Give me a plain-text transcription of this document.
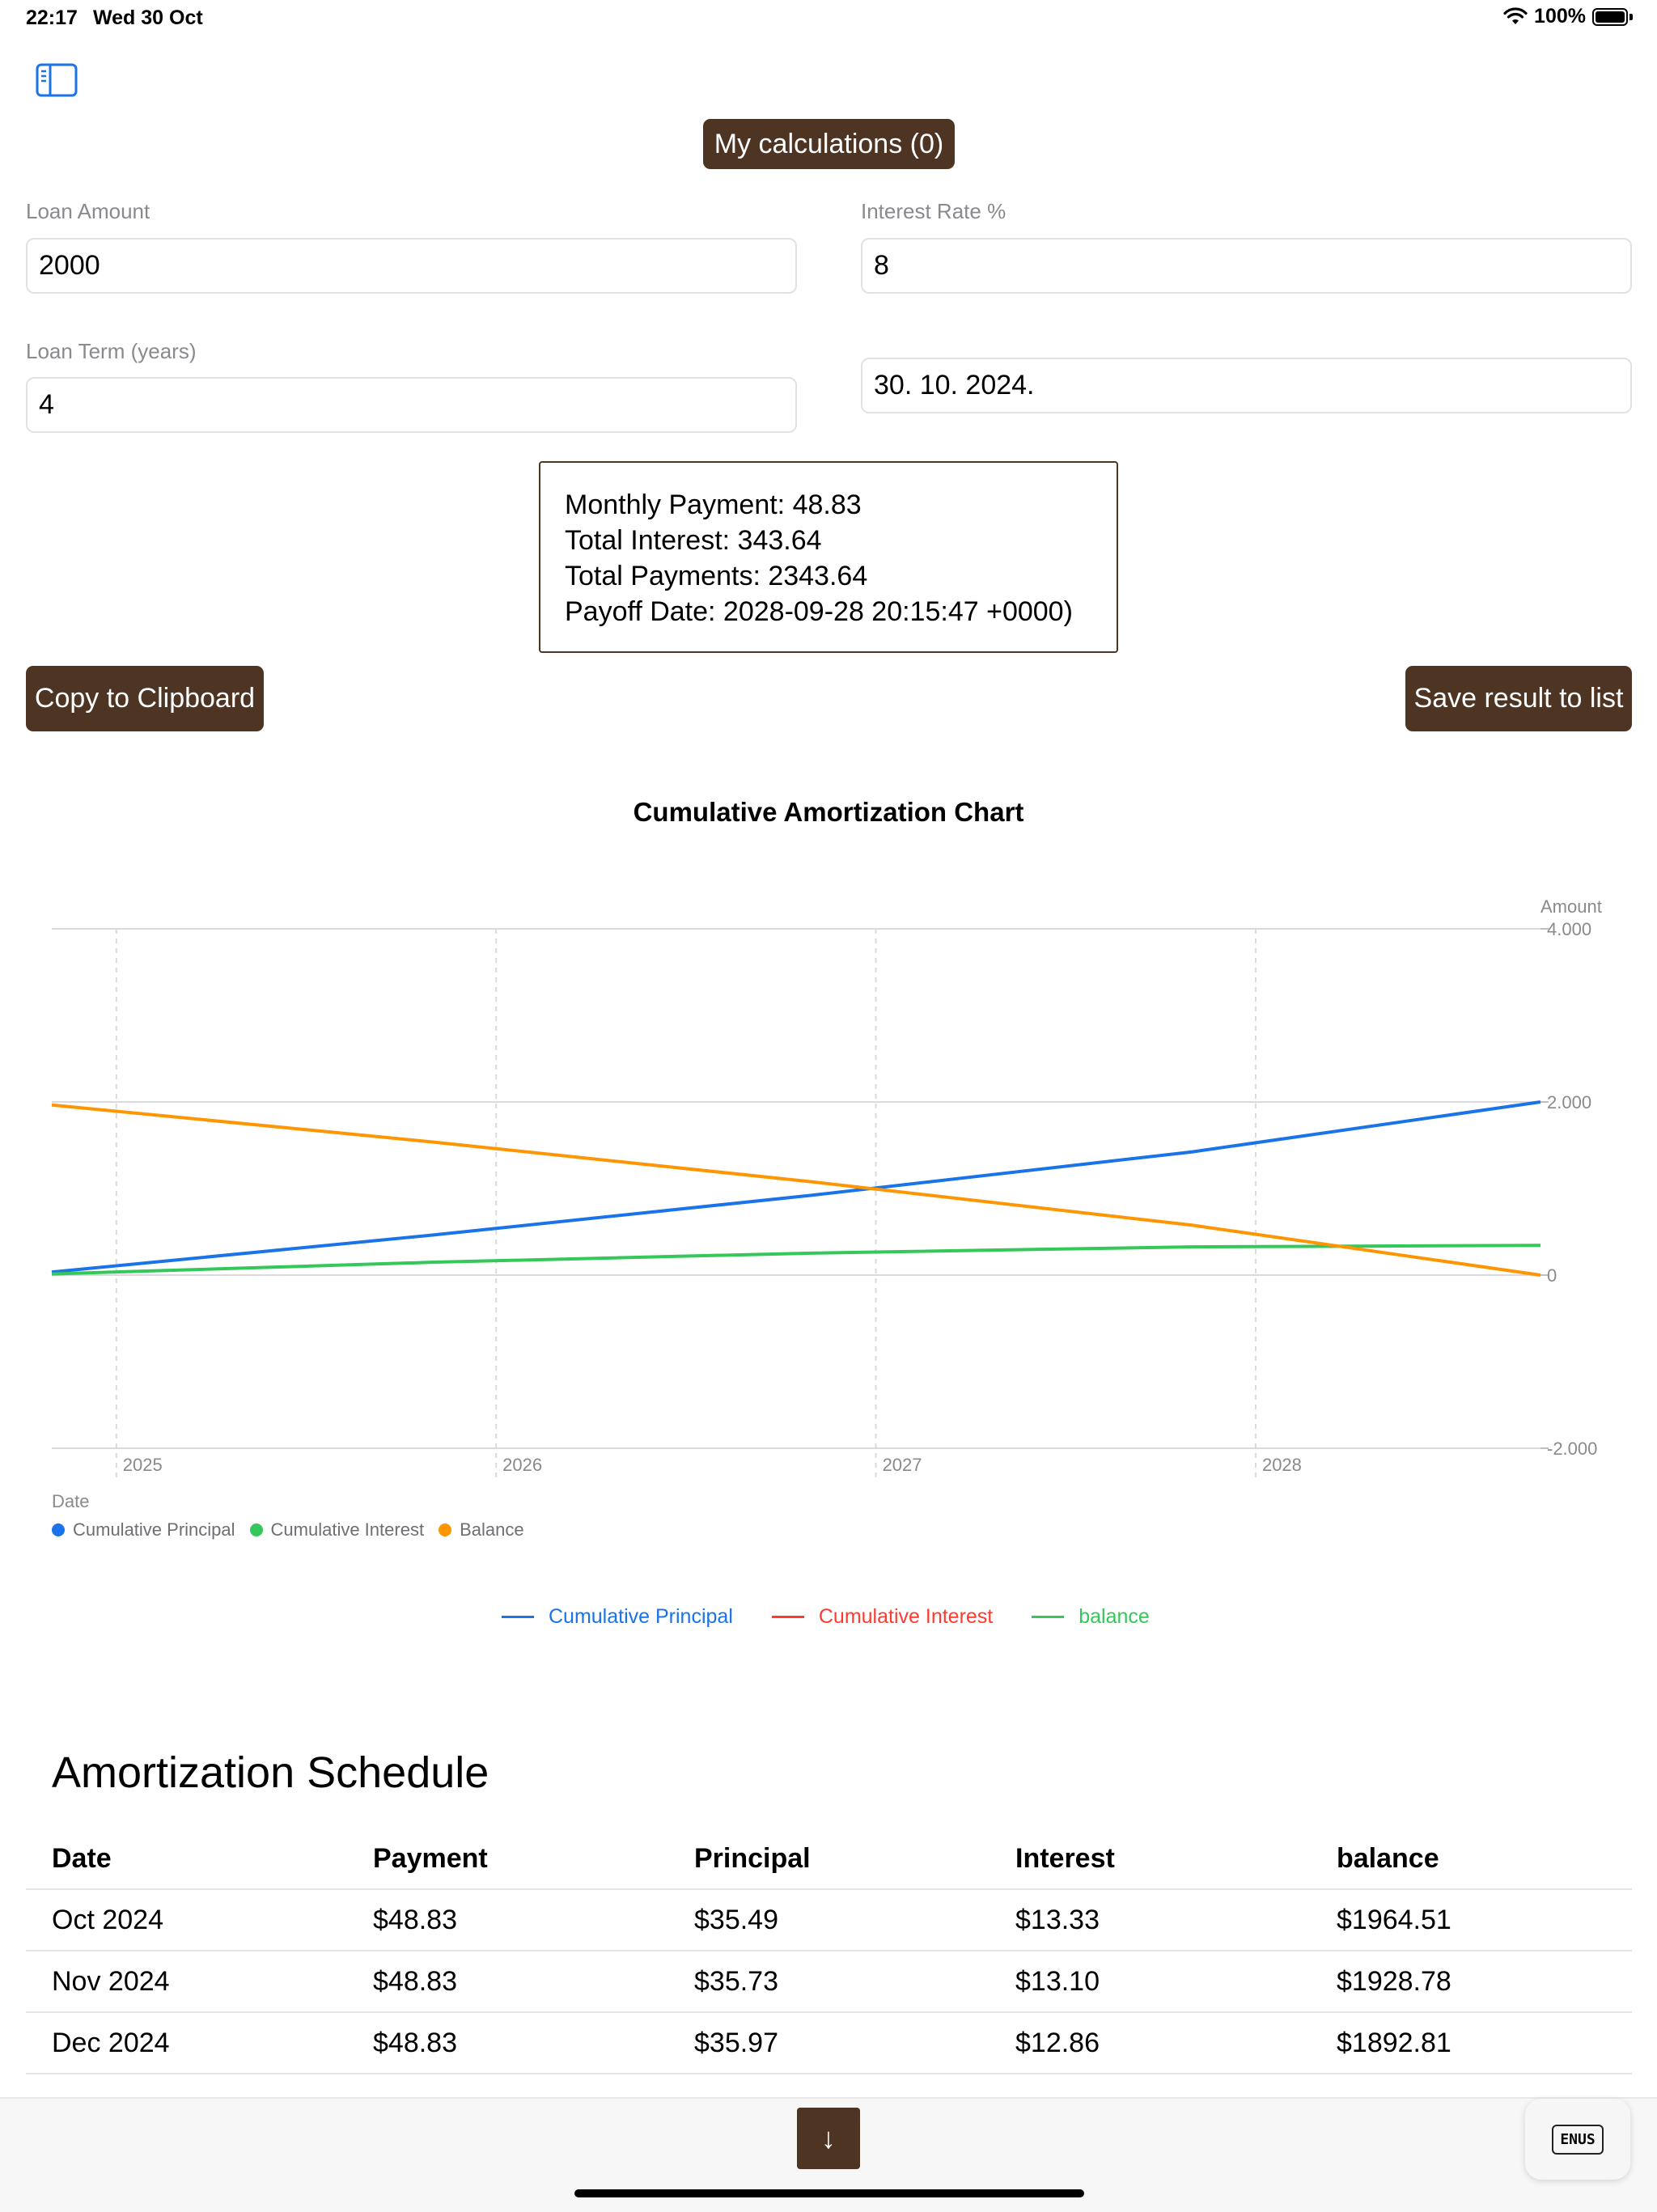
22:17 Wed 30 Oct	100%
My calculations (0)
Loan Amount
2000
Interest Rate %
8
Loan Term (years)
4
30. 10. 2024.
Monthly Payment: 48.83
Total Interest: 343.64
Total Payments: 2343.64
Payoff Date: 2028-09-28 20:15:47 +0000)
Copy to Clipboard	Save result to list
Cumulative Amortization Chart
4.000
2.000
0
-2.000
Amount
2025	2026	2027	2028
Date
Cumulative Principal Cumulative Interest Balance
Cumulative Principal	Cumulative Interest	balance
Amortization Schedule
Date	Payment	Principal	Interest	balance
Oct 2024	$48.83	$35.49	$13.33	$1964.51
Nov 2024	$48.83	$35.73	$13.10	$1928.78
Dec 2024	$48.83	$35.97	$12.86	$1892.81
↓	ENUS
